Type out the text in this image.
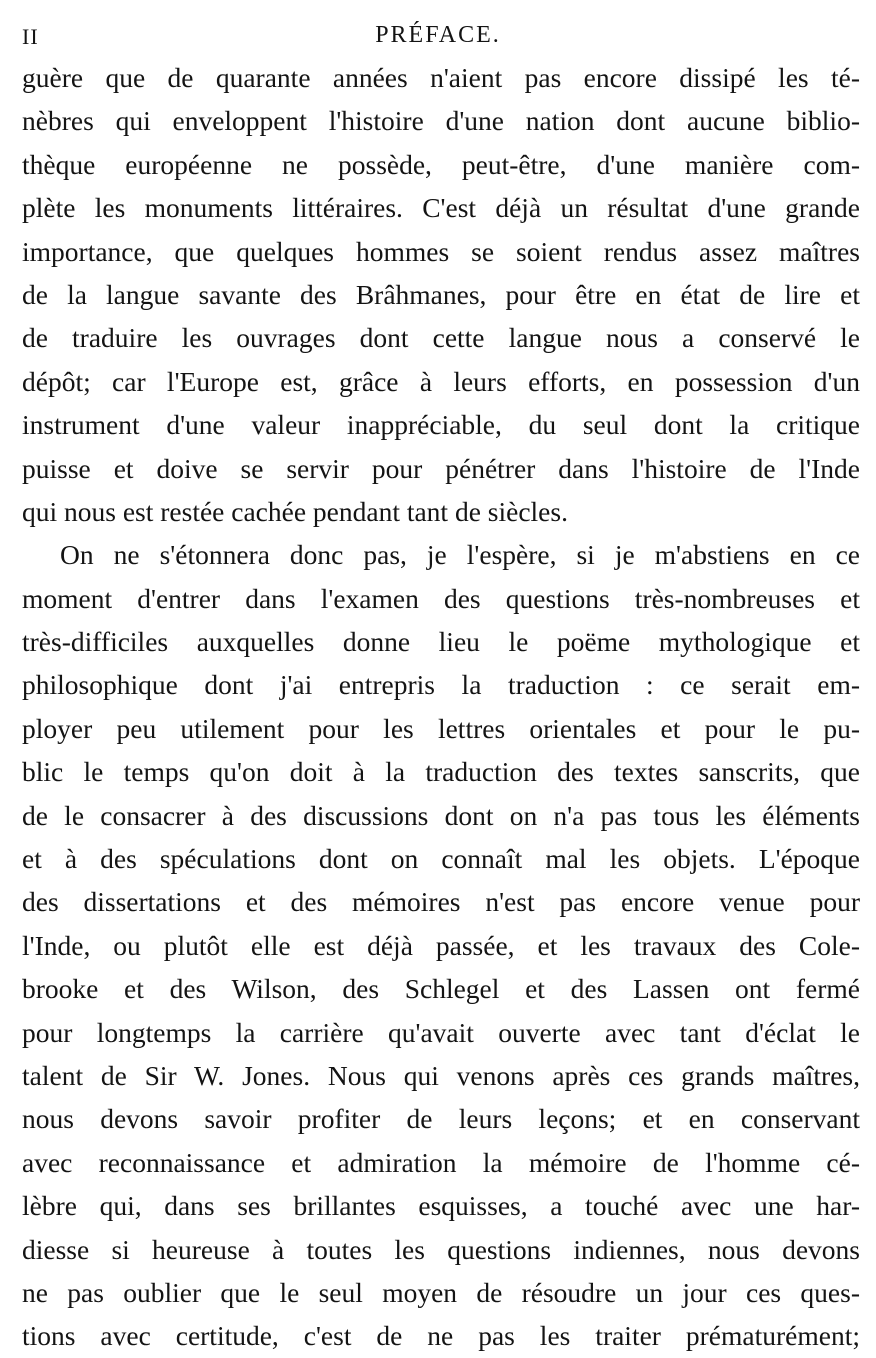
II	PRÉFACE.
guère que de quarante années n'aient pas encore dissipé les té-
nèbres qui enveloppent l'histoire d'une nation dont aucune biblio-
thèque européenne ne possède, peut-être, d'une manière com-
plète les monuments littéraires. C'est déjà un résultat d'une grande
importance, que quelques hommes se soient rendus assez maîtres
de la langue savante des Brâhmanes, pour être en état de lire et
de traduire les ouvrages dont cette langue nous a conservé le
dépôt; car l'Europe est, grâce à leurs efforts, en possession d'un
instrument d'une valeur inappréciable, du seul dont la critique
puisse et doive se servir pour pénétrer dans l'histoire de l'Inde
qui nous est restée cachée pendant tant de siècles.
On ne s'étonnera donc pas, je l'espère, si je m'abstiens en ce
moment d'entrer dans l'examen des questions très-nombreuses et
très-difficiles auxquelles donne lieu le poëme mythologique et
philosophique dont j'ai entrepris la traduction : ce serait em-
ployer peu utilement pour les lettres orientales et pour le pu-
blic le temps qu'on doit à la traduction des textes sanscrits, que
de le consacrer à des discussions dont on n'a pas tous les éléments
et à des spéculations dont on connaît mal les objets. L'époque
des dissertations et des mémoires n'est pas encore venue pour
l'Inde, ou plutôt elle est déjà passée, et les travaux des Cole-
brooke et des Wilson, des Schlegel et des Lassen ont fermé
pour longtemps la carrière qu'avait ouverte avec tant d'éclat le
talent de Sir W. Jones. Nous qui venons après ces grands maîtres,
nous devons savoir profiter de leurs leçons; et en conservant
avec reconnaissance et admiration la mémoire de l'homme cé-
lèbre qui, dans ses brillantes esquisses, a touché avec une har-
diesse si heureuse à toutes les questions indiennes, nous devons
ne pas oublier que le seul moyen de résoudre un jour ces ques-
tions avec certitude, c'est de ne pas les traiter prématurément;
